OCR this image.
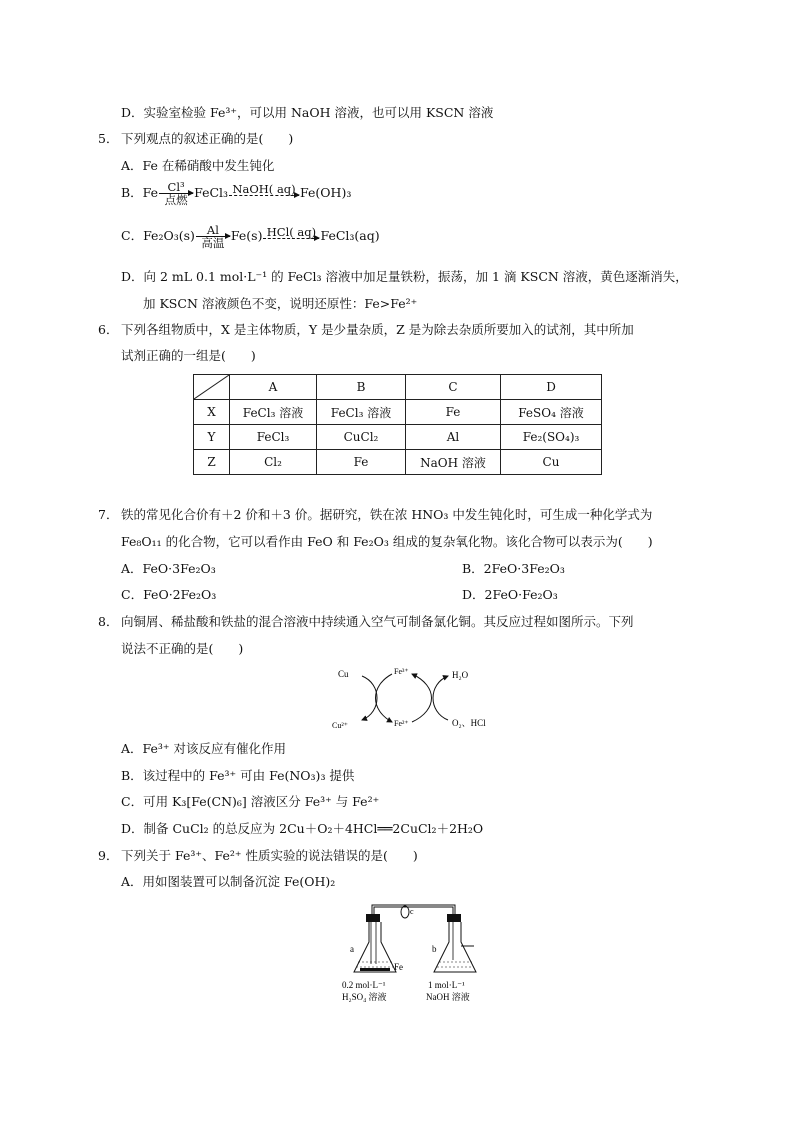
D．实验室检验 Fe³⁺，可以用 NaOH 溶液，也可以用 KSCN 溶液
5． 下列观点的叙述正确的是(　　)
A．Fe 在稀硝酸中发生钝化
B．Fe Cl³
点燃 FeCl₃ NaOH( aq) Fe(OH)₃
C．Fe₂O₃(s)	Al
高温 Fe(s) HCl( aq) FeCl₃(aq)
D．向 2 mL 0.1 mol·L⁻¹ 的 FeCl₃ 溶液中加足量铁粉，振荡，加 1 滴 KSCN 溶液，黄色逐渐消失，
加 KSCN 溶液颜色不变，说明还原性：Fe>Fe²⁺
6． 下列各组物质中，X 是主体物质，Y 是少量杂质，Z 是为除去杂质所要加入的试剂，其中所加
试剂正确的一组是(　　)
	A	B	C	D
X	FeCl₃ 溶液	FeCl₃ 溶液	Fe	FeSO₄ 溶液
Y	FeCl₃	CuCl₂	Al	Fe₂(SO₄)₃
Z	Cl₂	Fe	NaOH 溶液	Cu
7． 铁的常见化合价有＋2 价和＋3 价。据研究，铁在浓 HNO₃ 中发生钝化时，可生成一种化学式为
Fe₈O₁₁ 的化合物，它可以看作由 FeO 和 Fe₂O₃ 组成的复杂氧化物。该化合物可以表示为(　　)
A．FeO·3Fe₂O₃	B．2FeO·3Fe₂O₃
C．FeO·2Fe₂O₃	D．2FeO·Fe₂O₃
8． 向铜屑、稀盐酸和铁盐的混合溶液中持续通入空气可制备氯化铜。其反应过程如图所示。下列
说法不正确的是(　　)
Cu	Fe³⁺	H₂O
Cu²⁺	Fe²⁺	O₂、HCl
A．Fe³⁺ 对该反应有催化作用
B．该过程中的 Fe³⁺ 可由 Fe(NO₃)₃ 提供
C．可用 K₃[Fe(CN)₆] 溶液区分 Fe³⁺ 与 Fe²⁺
D．制备 CuCl₂ 的总反应为 2Cu＋O₂＋4HCl══2CuCl₂＋2H₂O
9． 下列关于 Fe³⁺、Fe²⁺ 性质实验的说法错误的是(　　)
A．用如图装置可以制备沉淀 Fe(OH)₂
c
a
Fe
b
0.2 mol·L⁻¹
H₂SO₄ 溶液
1 mol·L⁻¹
NaOH 溶液
